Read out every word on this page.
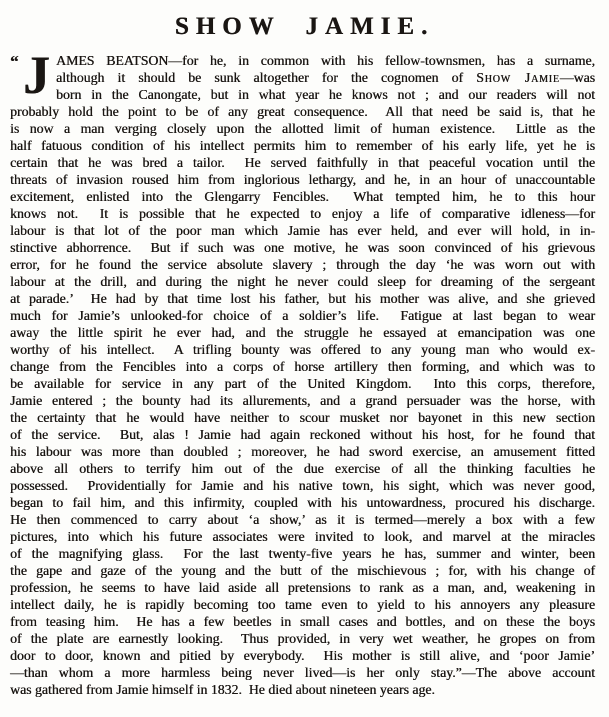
SHOW JAMIE.
“ J AMES BEATSON—for he, in common with his fellow-townsmen, has a surname,
although it should be sunk altogether for the cognomen of Show Jamie—was
born in the Canongate, but in what year he knows not ; and our readers will not
probably hold the point to be of any great consequence.  All that need be said is, that he
is now a man verging closely upon the allotted limit of human existence.  Little as the
half fatuous condition of his intellect permits him to remember of his early life, yet he is
certain that he was bred a tailor.  He served faithfully in that peaceful vocation until the
threats of invasion roused him from inglorious lethargy, and he, in an hour of unaccountable
excitement, enlisted into the Glengarry Fencibles.  What tempted him, he to this hour
knows not.  It is possible that he expected to enjoy a life of comparative idleness—for
labour is that lot of the poor man which Jamie has ever held, and ever will hold, in in-
stinctive abhorrence.  But if such was one motive, he was soon convinced of his grievous
error, for he found the service absolute slavery ; through the day ‘he was worn out with
labour at the drill, and during the night he never could sleep for dreaming of the sergeant
at parade.’  He had by that time lost his father, but his mother was alive, and she grieved
much for Jamie’s unlooked-for choice of a soldier’s life.  Fatigue at last began to wear
away the little spirit he ever had, and the struggle he essayed at emancipation was one
worthy of his intellect.  A trifling bounty was offered to any young man who would ex-
change from the Fencibles into a corps of horse artillery then forming, and which was to
be available for service in any part of the United Kingdom.  Into this corps, therefore,
Jamie entered ; the bounty had its allurements, and a grand persuader was the horse, with
the certainty that he would have neither to scour musket nor bayonet in this new section
of the service.  But, alas ! Jamie had again reckoned without his host, for he found that
his labour was more than doubled ; moreover, he had sword exercise, an amusement fitted
above all others to terrify him out of the due exercise of all the thinking faculties he
possessed.  Providentially for Jamie and his native town, his sight, which was never good,
began to fail him, and this infirmity, coupled with his untowardness, procured his discharge.
He then commenced to carry about ‘a show,’ as it is termed—merely a box with a few
pictures, into which his future associates were invited to look, and marvel at the miracles
of the magnifying glass.  For the last twenty-five years he has, summer and winter, been
the gape and gaze of the young and the butt of the mischievous ; for, with his change of
profession, he seems to have laid aside all pretensions to rank as a man, and, weakening in
intellect daily, he is rapidly becoming too tame even to yield to his annoyers any pleasure
from teasing him.  He has a few beetles in small cases and bottles, and on these the boys
of the plate are earnestly looking.  Thus provided, in very wet weather, he gropes on from
door to door, known and pitied by everybody.  His mother is still alive, and ‘poor Jamie’
—than whom a more harmless being never lived—is her only stay.”—The above account
was gathered from Jamie himself in 1832.  He died about nineteen years age.
